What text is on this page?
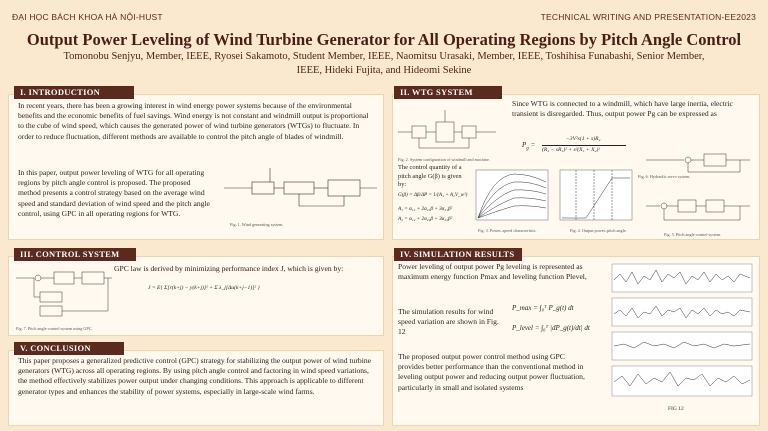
ĐẠI HỌC BÁCH KHOA HÀ NỘI-HUST	TECHNICAL WRITING AND PRESENTATION-EE2023
Output Power Leveling of Wind Turbine Generator for All Operating Regions by Pitch Angle Control
Tomonobu Senjyu, Member, IEEE, Ryosei Sakamoto, Student Member, IEEE, Naomitsu Urasaki, Member, IEEE, Toshihisa Funabashi, Senior Member,
IEEE, Hideki Fujita, and Hideomi Sekine
I. INTRODUCTION
In recent years, there has been a growing interest in wind energy power systems because of the environmental benefits and the economic benefits of fuel savings. Wind energy is not constant and windmill output is proportional to the cube of wind speed, which causes the generated power of wind turbine generators (WTGs) to fluctuate. In order to reduce fluctuation, different methods are available to control the pitch angle of blades of windmill.
In this paper, output power leveling of WTG for all operating regions by pitch angle control is proposed. The proposed method presents a control strategy based on the average wind speed and standard deviation of wind speed and the pitch angle control, using GPC in all operating regions for WTG.
Fig. 1. Wind generating system.
III. CONTROL SYSTEM
Fig. 7. Pitch angle control system using GPC.
GPC law is derived by minimizing performance index J, which is given by:
J = E{ Σ[r(k+j) − y(k+j)]² + Σ λ_j[Δu(k+j−1)]² }
V. CONCLUSION
This paper proposes a generalized predictive control (GPC) strategy for stabilizing the output power of wind turbine generators (WTG) across all operating regions. By using pitch angle control and factoring in wind speed variations, the method effectively stabilizes power output under changing conditions. This approach is applicable to different generator types and enhances the stability of power systems, especially in large-scale wind farms.
II. WTG SYSTEM
Fig. 2. System configuration of windmill and machine.
Since WTG is connected to a windmill, which have large inertia, electric transient is disregarded. Thus, output power Pg can be expressed as
$P_g$ =
−3V²s(1 + s)R₂
(R₂ − sR₁)² + s²(X₁ + X₂)²
The control quantity of a pitch angle G(β) is given by:
G(β) = Δβ/ΔP = 1/(A₁ + A₂V_w²)
A₁ = α₁₁ + 2α₂₁β + 3α₃₁β²
A₂ = α₁₂ + 2α₂₂β + 3α₃₂β²
Fig. 3. Power–speed characteristic.	Fig. 4. Output power–pitch angle.
Fig. 6. Hydraulic servo system.
Fig. 5. Pitch angle control system.
IV. SIMULATION RESULTS
Power leveling of output power Pg leveling is represented as maximum energy function Pmax and leveling function Plevel,
The simulation results for wind speed variation are shown in Fig. 12
P_max = ∫₀ᵀ P_g(t) dt
P_level = ∫₀ᵀ |dP_g(t)/dt| dt
The proposed output power control method using GPC provides better performance than the conventional method in leveling output power and reducing output power fluctuation, particularly in small and isolated systems
FIG 12
